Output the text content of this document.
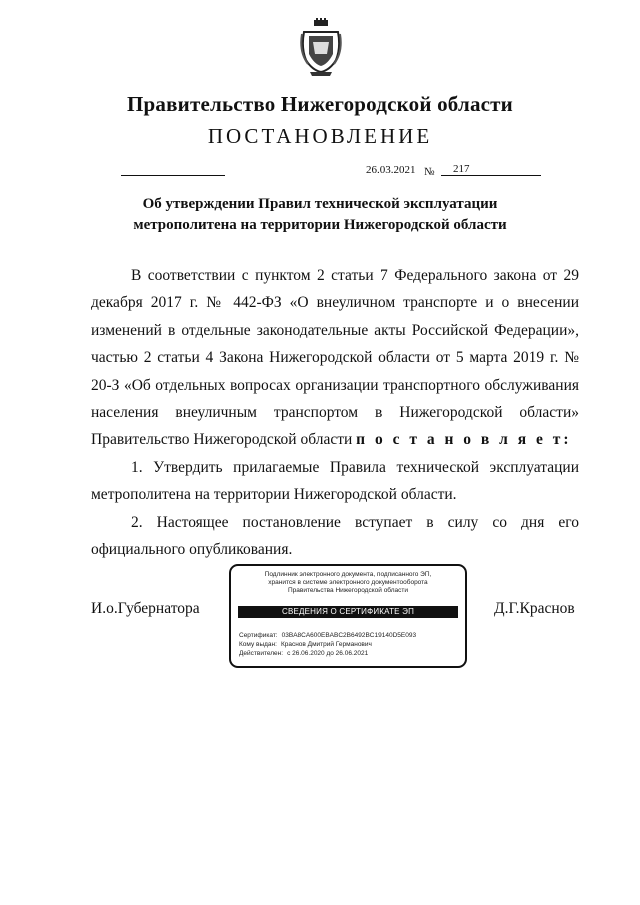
Правительство Нижегородской области
ПОСТАНОВЛЕНИЕ
26.03.2021 №	217
Об утверждении Правил технической эксплуатации
метрополитена на территории Нижегородской области

В соответствии с пунктом 2 статьи 7 Федерального закона от 29 декабря 2017 г. № 442-ФЗ «О внеуличном транспорте и о внесении изменений в отдельные законодательные акты Российской Федерации», частью 2 статьи 4 Закона Нижегородской области от 5 марта 2019 г. № 20-З «Об отдельных вопросах организации транспортного обслуживания населения внеуличным транспортом в Нижегородской области» Правительство Нижегородской области п о с т а н о в л я е т:

1. Утвердить прилагаемые Правила технической эксплуатации метрополитена на территории Нижегородской области.

2. Настоящее постановление вступает в силу со дня его официального опубликования.

И.о.Губернатора	Д.Г.Краснов
Подлинник электронного документа, подписанного ЭП,
хранится в системе электронного документооборота
Правительства Нижегородской области
СВЕДЕНИЯ О СЕРТИФИКАТЕ ЭП
Сертификат: 03BA8CA600EBABC2B6492BC19140D5E093
Кому выдан: Краснов Дмитрий Германович
Действителен: с 26.06.2020 до 26.06.2021
